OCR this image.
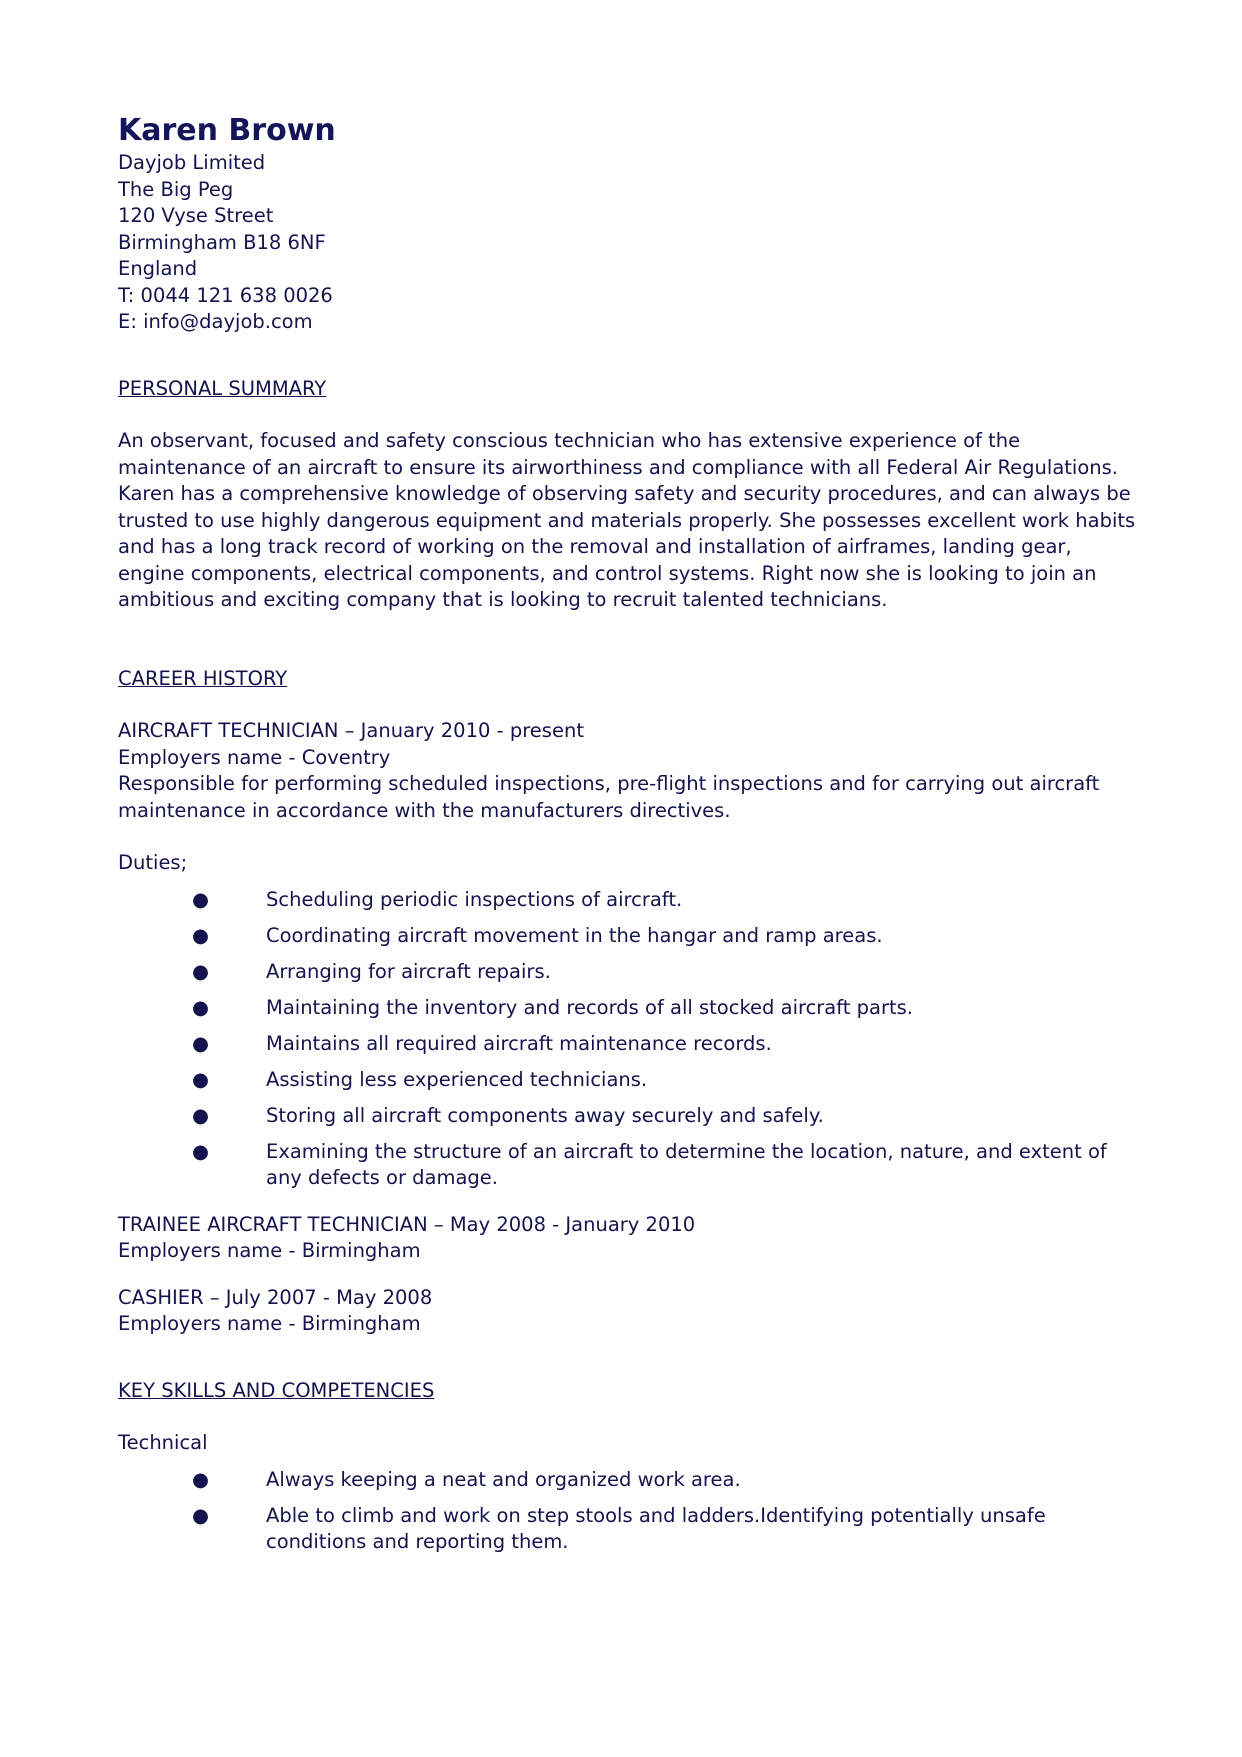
Karen Brown
Dayjob Limited
The Big Peg
120 Vyse Street
Birmingham B18 6NF
England
T: 0044 121 638 0026
E: info@dayjob.com
PERSONAL SUMMARY

An observant, focused and safety conscious technician who has extensive experience of the maintenance of an aircraft to ensure its airworthiness and compliance with all Federal Air Regulations. Karen has a comprehensive knowledge of observing safety and security procedures, and can always be trusted to use highly dangerous equipment and materials properly. She possesses excellent work habits and has a long track record of working on the removal and installation of airframes, landing gear, engine components, electrical components, and control systems. Right now she is looking to join an ambitious and exciting company that is looking to recruit talented technicians.

CAREER HISTORY
AIRCRAFT TECHNICIAN – January 2010 - present
Employers name - Coventry
Responsible for performing scheduled inspections, pre-flight inspections and for carrying out aircraft maintenance in accordance with the manufacturers directives.
Duties;
●	Scheduling periodic inspections of aircraft.
●	Coordinating aircraft movement in the hangar and ramp areas.
●	Arranging for aircraft repairs.
●	Maintaining the inventory and records of all stocked aircraft parts.
●	Maintains all required aircraft maintenance records.
●	Assisting less experienced technicians.
●	Storing all aircraft components away securely and safely.
●	Examining the structure of an aircraft to determine the location, nature, and extent of any defects or damage.
TRAINEE AIRCRAFT TECHNICIAN – May 2008 - January 2010
Employers name - Birmingham
CASHIER – July 2007 - May 2008
Employers name - Birmingham
KEY SKILLS AND COMPETENCIES
Technical
●	Always keeping a neat and organized work area.
●	Able to climb and work on step stools and ladders.Identifying potentially unsafe conditions and reporting them.
